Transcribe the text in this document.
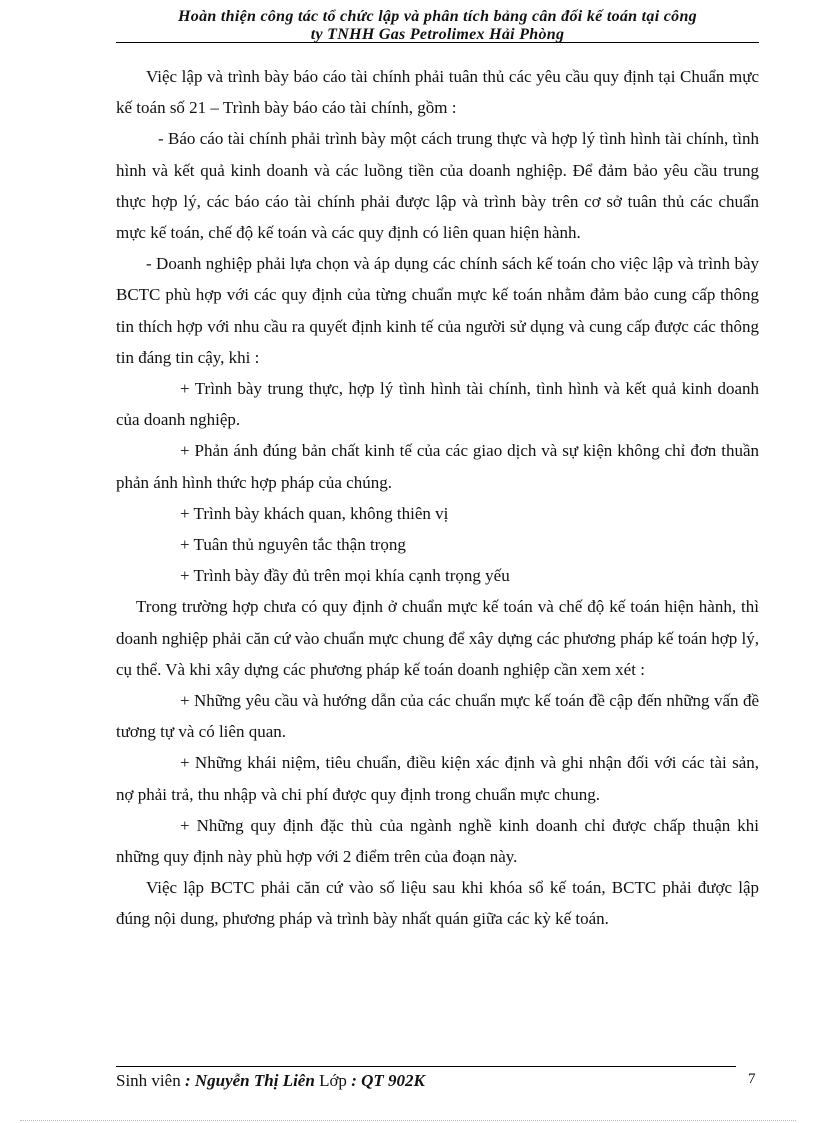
Hoàn thiện công tác tổ chức lập và phân tích bảng cân đối kế toán tại công
ty TNHH Gas Petrolimex Hải Phòng

Việc lập và trình bày báo cáo tài chính phải tuân thủ các yêu cầu quy định tại Chuẩn mực kế toán số 21 – Trình bày báo cáo tài chính, gồm :

- Báo cáo tài chính phải trình bày một cách trung thực và hợp lý tình hình tài chính, tình hình và kết quả kinh doanh và các luồng tiền của doanh nghiệp. Để đảm bảo yêu cầu trung thực hợp lý, các báo cáo tài chính phải được lập và trình bày trên cơ sở tuân thủ các chuẩn mực kế toán, chế độ kế toán và các quy định có liên quan hiện hành.

- Doanh nghiệp phải lựa chọn và áp dụng các chính sách kế toán cho việc lập và trình bày BCTC phù hợp với các quy định của từng chuẩn mực kế toán nhằm đảm bảo cung cấp thông tin thích hợp với nhu cầu ra quyết định kinh tế của người sử dụng và cung cấp được các thông tin đáng tin cậy, khi :

+ Trình bày trung thực, hợp lý tình hình tài chính, tình hình và kết quả kinh doanh của doanh nghiệp.

+ Phản ánh đúng bản chất kinh tế của các giao dịch và sự kiện không chỉ đơn thuần phản ánh hình thức hợp pháp của chúng.

+ Trình bày khách quan, không thiên vị

+ Tuân thủ nguyên tắc thận trọng

+ Trình bày đầy đủ trên mọi khía cạnh trọng yếu

Trong trường hợp chưa có quy định ở chuẩn mực kế toán và chế độ kế toán hiện hành, thì doanh nghiệp phải căn cứ vào chuẩn mực chung để xây dựng các phương pháp kế toán hợp lý, cụ thể. Và khi xây dựng các phương pháp kế toán doanh nghiệp cần xem xét :

+ Những yêu cầu và hướng dẫn của các chuẩn mực kế toán đề cập đến những vấn đề tương tự và có liên quan.

+ Những khái niệm, tiêu chuẩn, điều kiện xác định và ghi nhận đối với các tài sản, nợ phải trả, thu nhập và chi phí được quy định trong chuẩn mực chung.

+ Những quy định đặc thù của ngành nghề kinh doanh chỉ được chấp thuận khi những quy định này phù hợp với 2 điểm trên của đoạn này.

Việc lập BCTC phải căn cứ vào số liệu sau khi khóa sổ kế toán, BCTC phải được lập đúng nội dung, phương pháp và trình bày nhất quán giữa các kỳ kế toán.

Sinh viên : Nguyễn Thị Liên Lớp : QT 902K	7
